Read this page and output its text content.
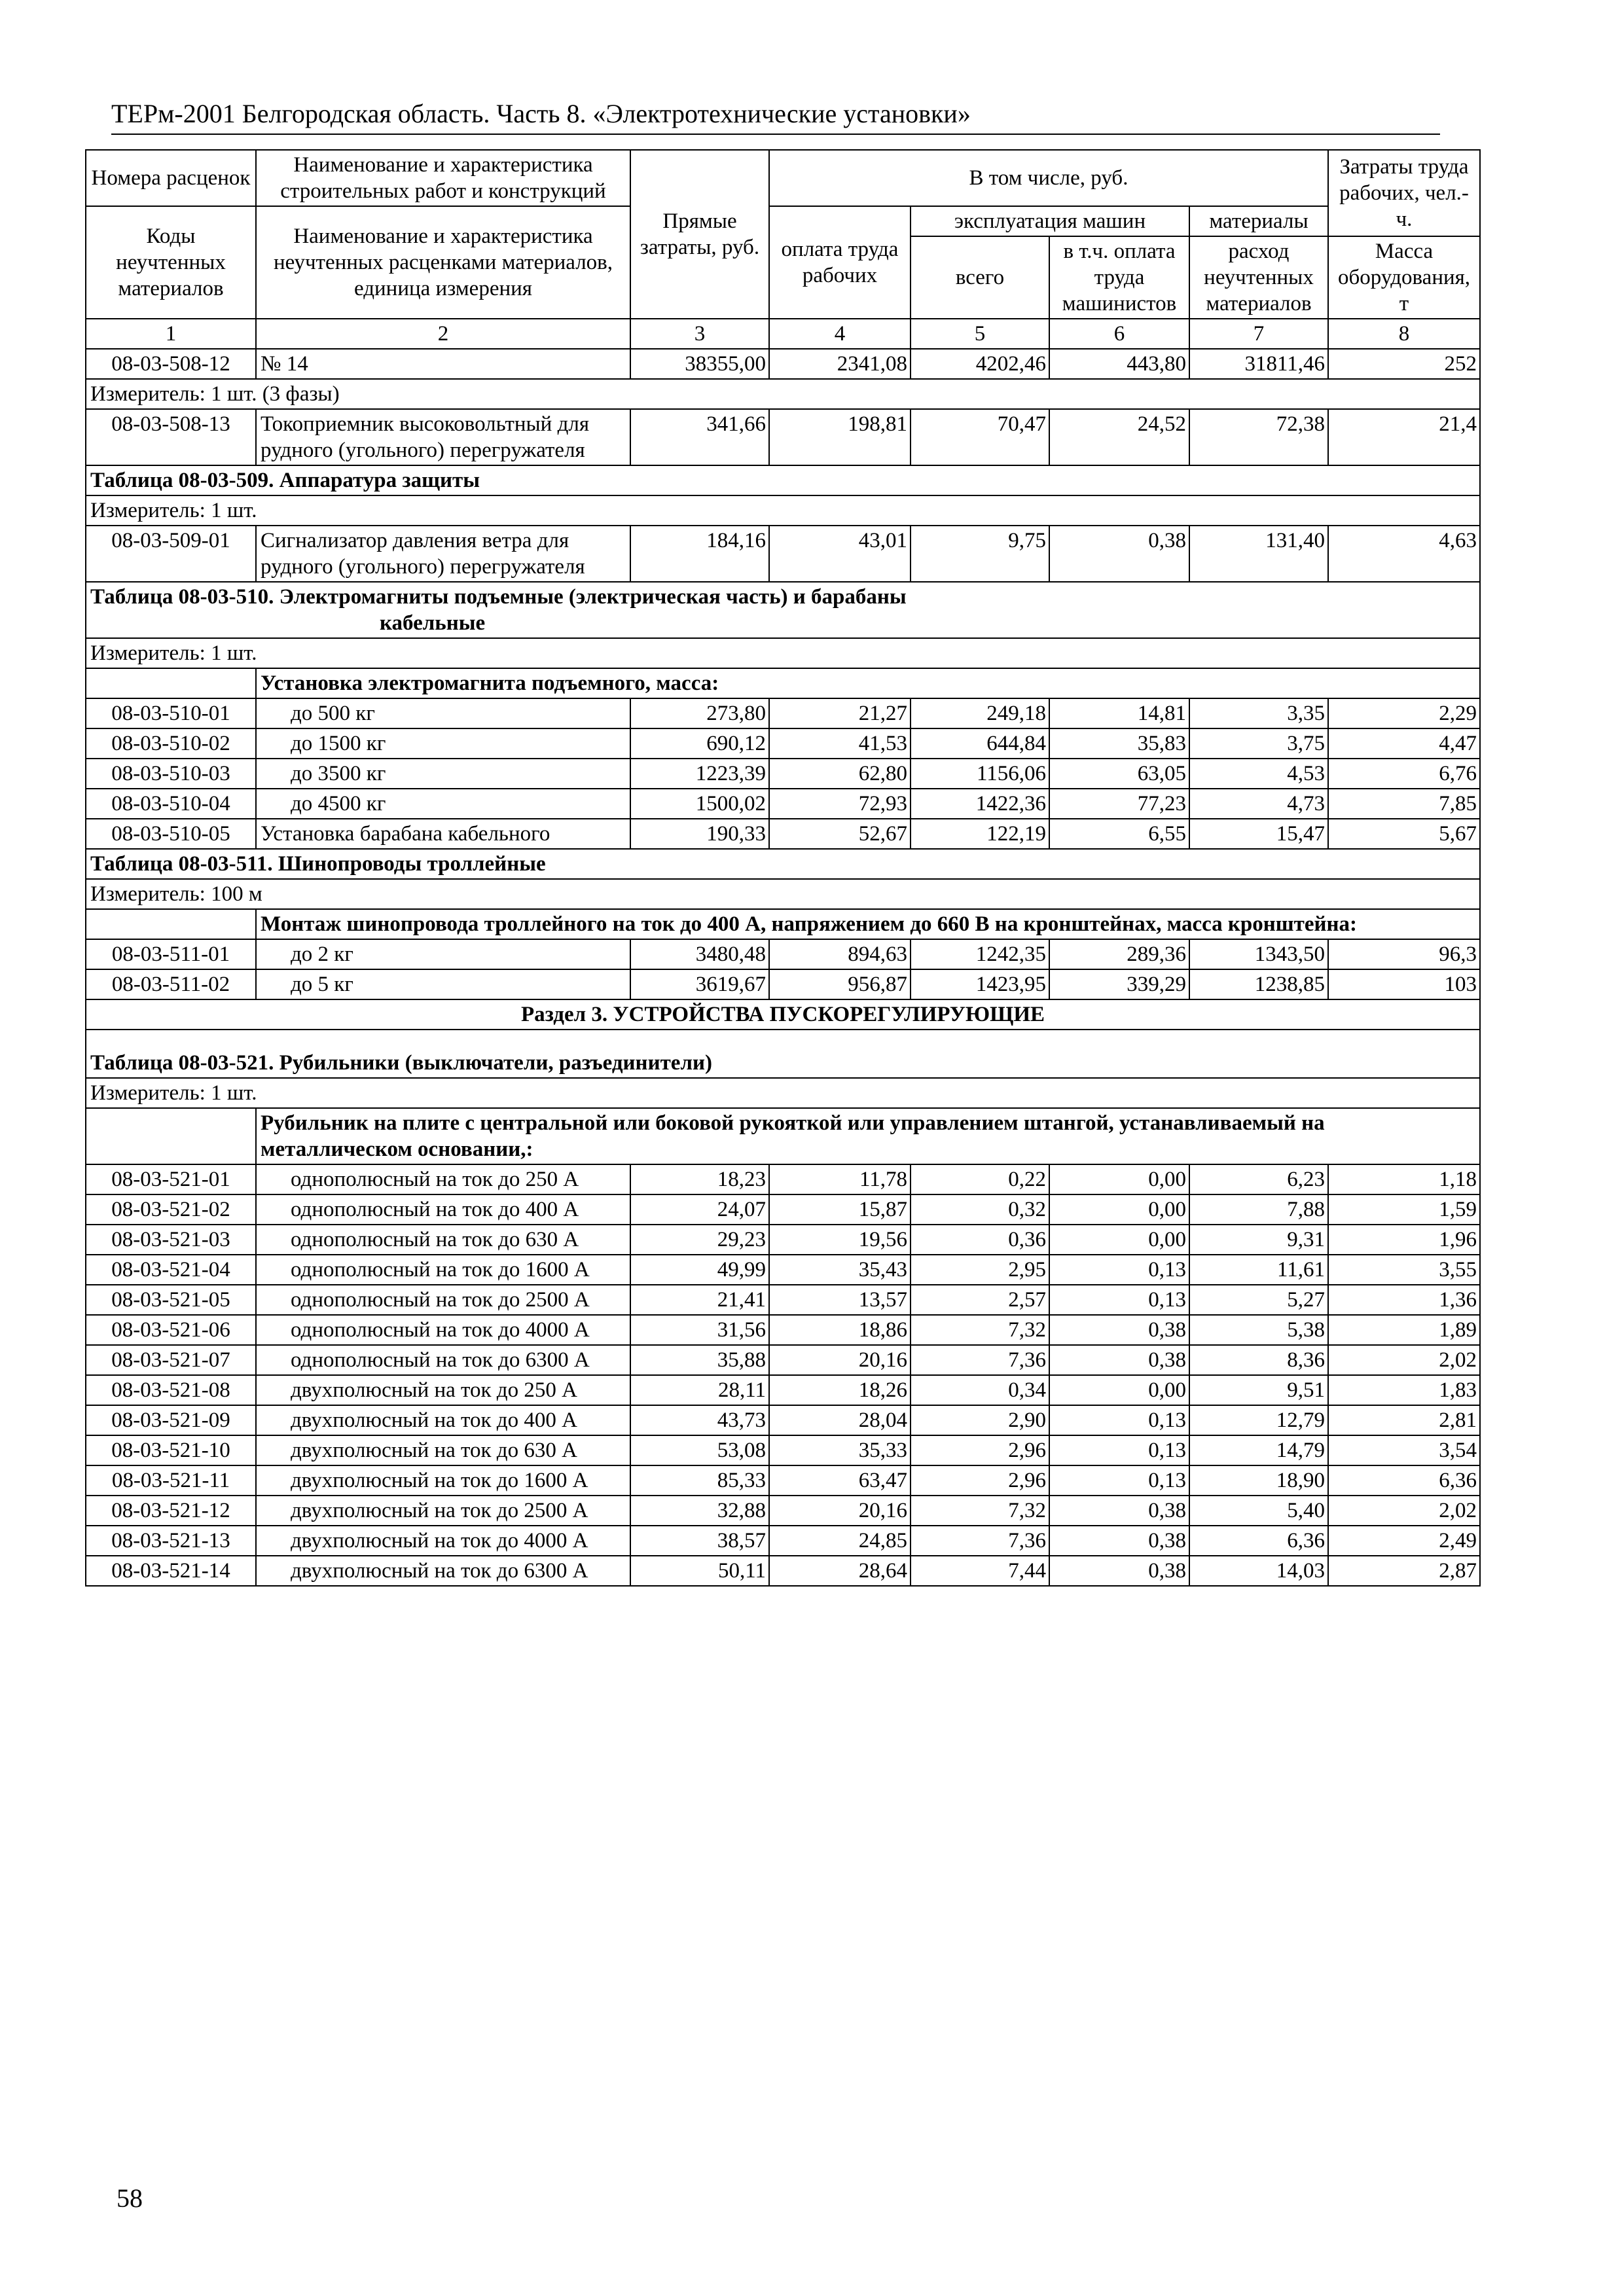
ТЕРм-2001 Белгородская область. Часть 8. «Электротехнические установки»
Номера расценок	Наименование и характеристика строительных работ и конструкций	Прямые затраты, руб.	В том числе, руб.				Затраты труда рабочих, чел.-ч.
Коды неучтенных материалов	Наименование и характеристика неучтенных расценками материалов, единица измерения		оплата труда рабочих	эксплуатация машин		материалы	
				всего	в т.ч. оплата труда машинистов	расход неучтенных материалов	
							Масса оборудования, т
1	2	3	4	5	6	7	8
08-03-508-12	№ 14	38355,00	2341,08	4202,46	443,80	31811,46	252
Измеритель: 1 шт. (3 фазы)							
08-03-508-13	Токоприемник высоковольтный для рудного (угольного) перегружателя	341,66	198,81	70,47	24,52	72,38	21,4
Таблица 08-03-509. Аппаратура защиты							
Измеритель: 1 шт.							
08-03-509-01	Сигнализатор давления ветра для рудного (угольного) перегружателя	184,16	43,01	9,75	0,38	131,40	4,63
Таблица 08-03-510. Электромагниты подъемные (электрическая часть) и барабаны
кабельные							

Измеритель: 1 шт.							
	Установка электромагнита подъемного, масса:						
08-03-510-01	до 500 кг	273,80	21,27	249,18	14,81	3,35	2,29
08-03-510-02	до 1500 кг	690,12	41,53	644,84	35,83	3,75	4,47
08-03-510-03	до 3500 кг	1223,39	62,80	1156,06	63,05	4,53	6,76
08-03-510-04	до 4500 кг	1500,02	72,93	1422,36	77,23	4,73	7,85
08-03-510-05	Установка барабана кабельного	190,33	52,67	122,19	6,55	15,47	5,67
Таблица 08-03-511. Шинопроводы троллейные							
Измеритель: 100 м							
	Монтаж шинопровода троллейного на ток до 400 А, напряжением до 660 В на кронштейнах, масса кронштейна:						
08-03-511-01	до 2 кг	3480,48	894,63	1242,35	289,36	1343,50	96,3
08-03-511-02	до 5 кг	3619,67	956,87	1423,95	339,29	1238,85	103
Раздел 3. УСТРОЙСТВА ПУСКОРЕГУЛИРУЮЩИЕ							
Таблица 08-03-521. Рубильники (выключатели, разъединители)							
Измеритель: 1 шт.							
	Рубильник на плите с центральной или боковой рукояткой или управлением штангой, устанавливаемый на металлическом основании,:						
08-03-521-01	однополюсный на ток до 250 А	18,23	11,78	0,22	0,00	6,23	1,18
08-03-521-02	однополюсный на ток до 400 А	24,07	15,87	0,32	0,00	7,88	1,59
08-03-521-03	однополюсный на ток до 630 А	29,23	19,56	0,36	0,00	9,31	1,96
08-03-521-04	однополюсный на ток до 1600 А	49,99	35,43	2,95	0,13	11,61	3,55
08-03-521-05	однополюсный на ток до 2500 А	21,41	13,57	2,57	0,13	5,27	1,36
08-03-521-06	однополюсный на ток до 4000 А	31,56	18,86	7,32	0,38	5,38	1,89
08-03-521-07	однополюсный на ток до 6300 А	35,88	20,16	7,36	0,38	8,36	2,02
08-03-521-08	двухполюсный на ток до 250 А	28,11	18,26	0,34	0,00	9,51	1,83
08-03-521-09	двухполюсный на ток до 400 А	43,73	28,04	2,90	0,13	12,79	2,81
08-03-521-10	двухполюсный на ток до 630 А	53,08	35,33	2,96	0,13	14,79	3,54
08-03-521-11	двухполюсный на ток до 1600 А	85,33	63,47	2,96	0,13	18,90	6,36
08-03-521-12	двухполюсный на ток до 2500 А	32,88	20,16	7,32	0,38	5,40	2,02
08-03-521-13	двухполюсный на ток до 4000 А	38,57	24,85	7,36	0,38	6,36	2,49
08-03-521-14	двухполюсный на ток до 6300 А	50,11	28,64	7,44	0,38	14,03	2,87
58
